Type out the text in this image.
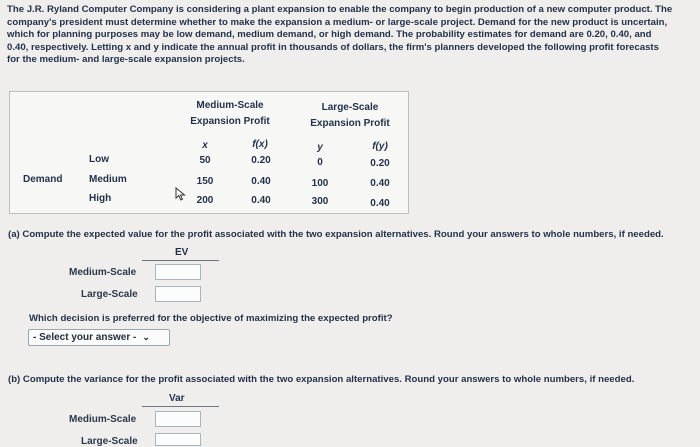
The J.R. Ryland Computer Company is considering a plant expansion to enable the company to begin production of a new computer product. The
company's president must determine whether to make the expansion a medium- or large-scale project. Demand for the new product is uncertain,
which for planning purposes may be low demand, medium demand, or high demand. The probability estimates for demand are 0.20, 0.40, and
0.40, respectively. Letting x and y indicate the annual profit in thousands of dollars, the firm's planners developed the following profit forecasts
for the medium- and large-scale expansion projects.
Medium-Scale
Expansion Profit
Large-Scale
Expansion Profit
x	f(x)	y	f(y)
Demand
Low	50	0.20	0	0.20
Medium	150	0.40	100	0.40
High	200	0.40	300	0.40
(a) Compute the expected value for the profit associated with the two expansion alternatives. Round your answers to whole numbers, if needed.
EV
Medium-Scale
Large-Scale
Which decision is preferred for the objective of maximizing the expected profit?
- Select your answer - ⌄
(b) Compute the variance for the profit associated with the two expansion alternatives. Round your answers to whole numbers, if needed.
Var
Medium-Scale
Large-Scale
